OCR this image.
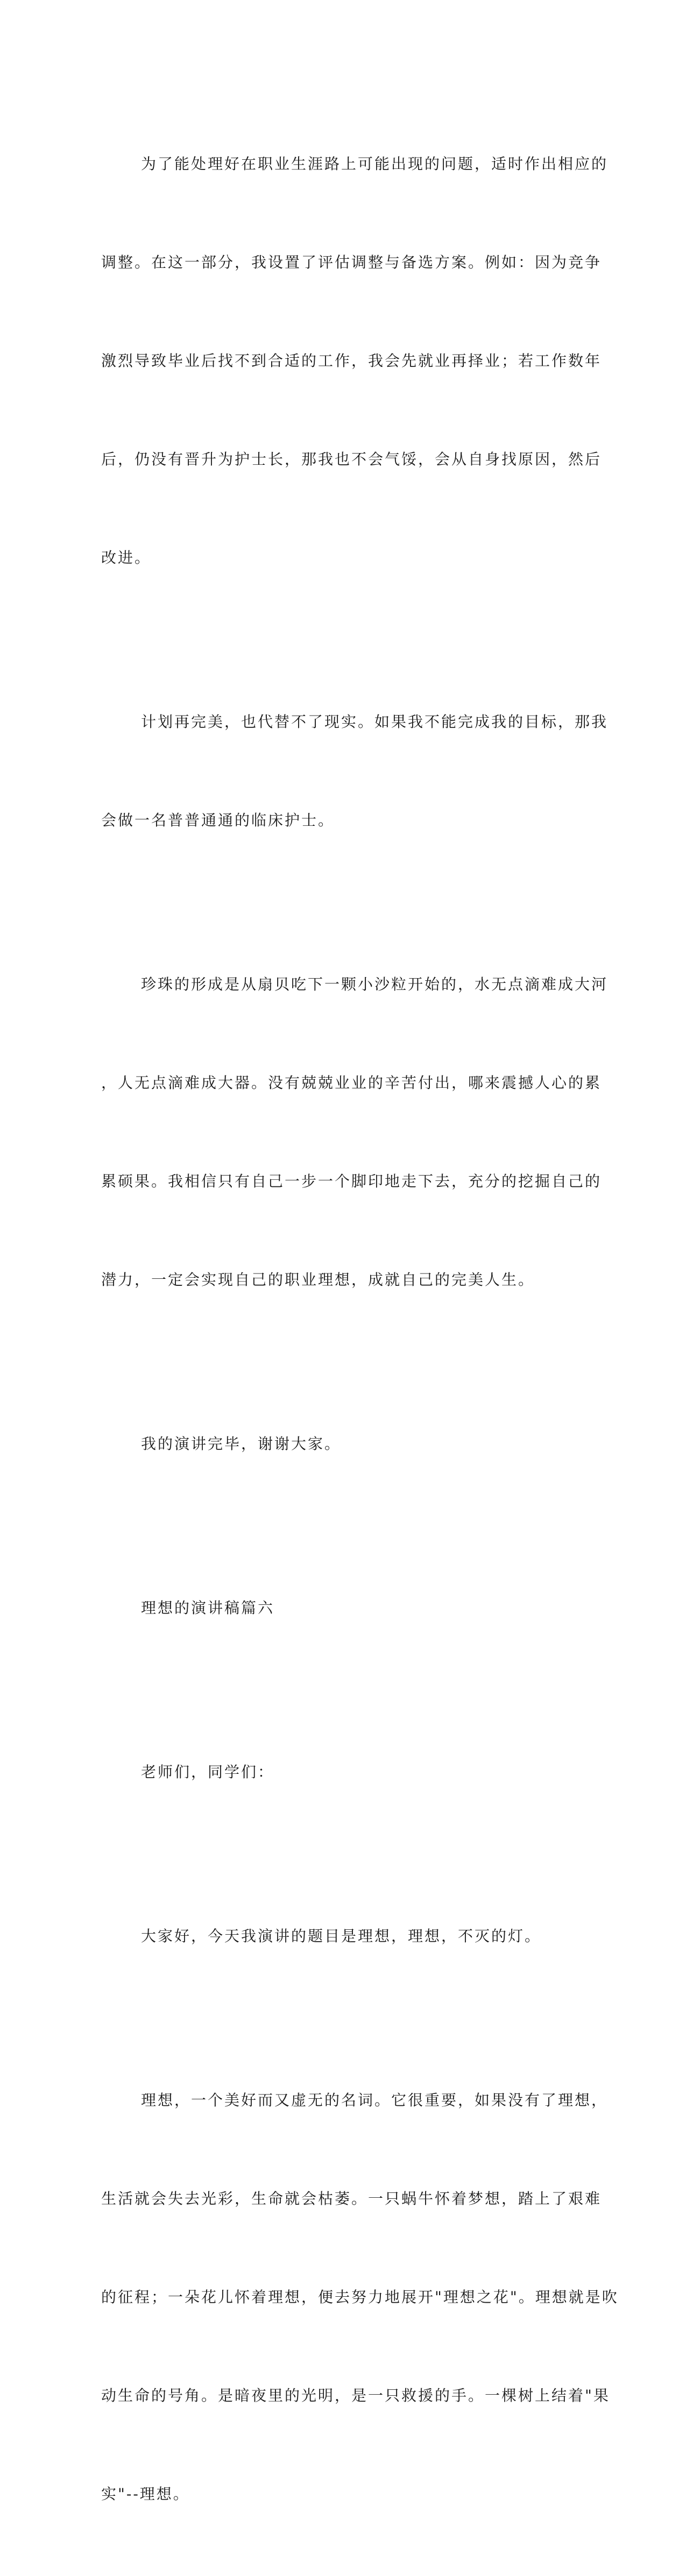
为了能处理好在职业生涯路上可能出现的问题，适时作出相应的

调整。在这一部分，我设置了评估调整与备选方案。例如：因为竞争

激烈导致毕业后找不到合适的工作，我会先就业再择业；若工作数年

后，仍没有晋升为护士长，那我也不会气馁，会从自身找原因，然后

改进。

计划再完美，也代替不了现实。如果我不能完成我的目标，那我

会做一名普普通通的临床护士。

珍珠的形成是从扇贝吃下一颗小沙粒开始的，水无点滴难成大河

，人无点滴难成大器。没有兢兢业业的辛苦付出，哪来震撼人心的累

累硕果。我相信只有自己一步一个脚印地走下去，充分的挖掘自己的

潜力，一定会实现自己的职业理想，成就自己的完美人生。

我的演讲完毕，谢谢大家。

理想的演讲稿篇六

老师们，同学们：

大家好，今天我演讲的题目是理想，理想，不灭的灯。

理想，一个美好而又虚无的名词。它很重要，如果没有了理想，

生活就会失去光彩，生命就会枯萎。一只蜗牛怀着梦想，踏上了艰难

的征程；一朵花儿怀着理想，便去努力地展开"理想之花"。理想就是吹

动生命的号角。是暗夜里的光明，是一只救援的手。一棵树上结着"果

实"--理想。
